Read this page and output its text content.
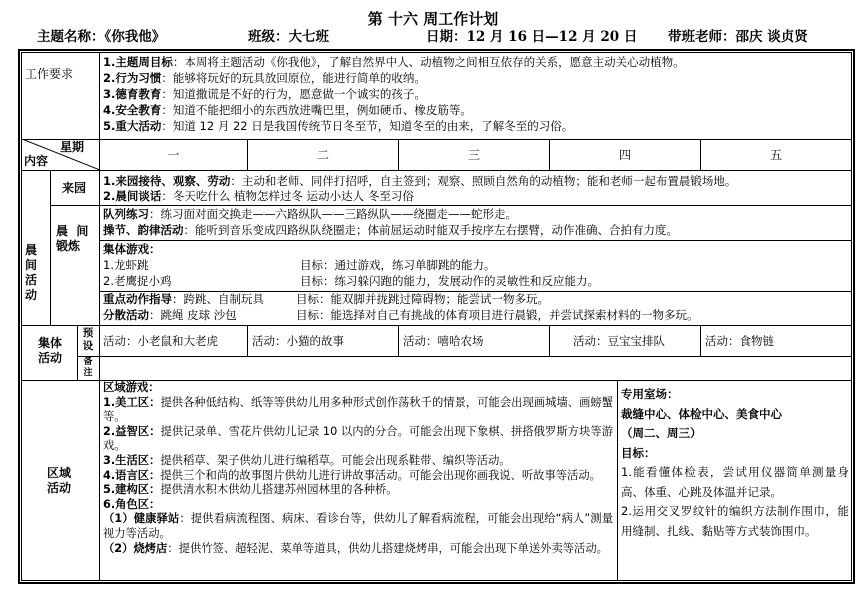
第 十六 周工作计划
主题名称：《你我他》	班级：大七班	日期：12 月 16 日—12 月 20 日 带班老师：邵庆 谈贞贤
工作要求
1.主题周目标：本周将主题活动《你我他》，了解自然界中人、动植物之间相互依存的关系，愿意主动关心动植物。
2.行为习惯：能够将玩好的玩具放回原位，能进行简单的收纳。
3.德育教育：知道撒谎是不好的行为，愿意做一个诚实的孩子。
4.安全教育：知道不能把细小的东西放进嘴巴里，例如硬币、橡皮筋等。
5.重大活动：知道 12 月 22 日是我国传统节日冬至节，知道冬至的由来，了解冬至的习俗。
星期
内容	一	二	三	四	五
晨
间
活
动
来园 1.来园接待、观察、劳动：主动和老师、同伴打招呼，自主签到；观察、照顾自然角的动植物；能和老师一起布置晨锻场地。
2.晨间谈话：冬天吃什么 植物怎样过冬 运动小达人 冬至习俗
晨  间
锻炼
队列练习：练习面对面交换走——六路纵队——三路纵队——绕圈走——蛇形走。
操节、韵律活动：能听到音乐变成四路纵队绕圈走；体前屈运动时能双手按序左右摆臂，动作准确、合拍有力度。
集体游戏：
1.龙虾跳	目标：通过游戏，练习单脚跳的能力。
2.老鹰捉小鸡	目标：练习躲闪跑的能力，发展动作的灵敏性和反应能力。
重点动作指导：跨跳、自制玩具	目标：能双脚并拢跳过障碍物；能尝试一物多玩。
分散活动：跳绳 皮球 沙包	目标：能选择对自己有挑战的体育项目进行晨锻，并尝试探索材料的一物多玩。
集体
活动
预
设
备
注
活动：小老鼠和大老虎	活动：小猫的故事	活动：嘻哈农场	活动：豆宝宝排队	活动：食物链
区域
活动
区域游戏：
1.美工区：提供各种低结构、纸等等供幼儿用多种形式创作荡秋千的情景，可能会出现画城墙、画螃蟹等。
2.益智区：提供记录单、雪花片供幼儿记录 10 以内的分合。可能会出现下象棋、拼搭俄罗斯方块等游戏。
3.生活区：提供稻草、架子供幼儿进行编稻草。可能会出现系鞋带、编织等活动。
4.语言区：提供三个和尚的故事图片供幼儿进行讲故事活动。可能会出现你画我说、听故事等活动。
5.建构区：提供清水积木供幼儿搭建苏州园林里的各种桥。
6.角色区：
（1）健康驿站：提供看病流程图、病床、看诊台等，供幼儿了解看病流程，可能会出现给“病人”测量视力等活动。
（2）烧烤店：提供竹签、超轻泥、菜单等道具，供幼儿搭建烧烤串，可能会出现下单送外卖等活动。
专用室场：
裁缝中心、体检中心、美食中心
（周二、周三）
目标：
1.能看懂体检表，尝试用仪器简单测量身高、体重、心跳及体温并记录。
2.运用交叉罗纹针的编织方法制作围巾，能用缝制、扎线、黏贴等方式装饰围巾。
